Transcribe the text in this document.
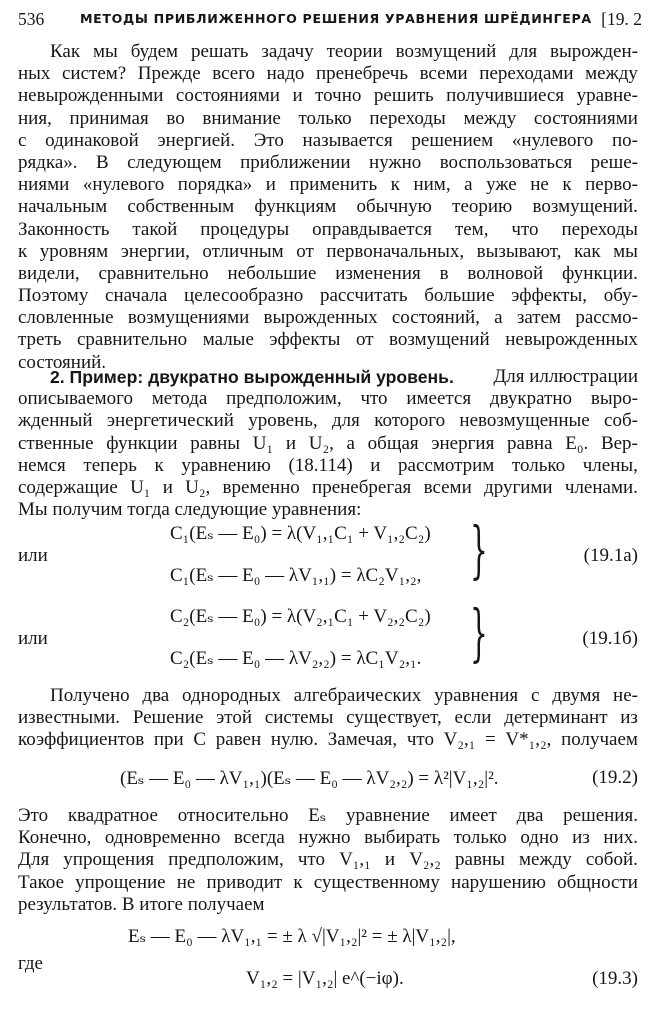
536	МЕТОДЫ ПРИБЛИЖЕННОГО РЕШЕНИЯ УРАВНЕНИЯ ШРЁДИНГЕРА [19. 2
Как мы будем решать задачу теории возмущений для вырожден-
ных систем? Прежде всего надо пренебречь всеми переходами между
невырожденными состояниями и точно решить получившиеся уравне-
ния, принимая во внимание только переходы между состояниями
с одинаковой энергией. Это называется решением «нулевого по-
рядка». В следующем приближении нужно воспользоваться реше-
ниями «нулевого порядка» и применить к ним, а уже не к перво-
начальным собственным функциям обычную теорию возмущений.
Законность такой процедуры оправдывается тем, что переходы
к уровням энергии, отличным от первоначальных, вызывают, как мы
видели, сравнительно небольшие изменения в волновой функции.
Поэтому сначала целесообразно рассчитать большие эффекты, обу-
словленные возмущениями вырожденных состояний, а затем рассмо-
треть сравнительно малые эффекты от возмущений невырожденных
состояний.
2. Пример: двукратно вырожденный уровень. Для иллюстрации
описываемого метода предположим, что имеется двукратно выро-
жденный энергетический уровень, для которого невозмущенные соб-
ственные функции равны U₁ и U₂, а общая энергия равна E₀. Вер-
немся теперь к уравнению (18.114) и рассмотрим только члены,
содержащие U₁ и U₂, временно пренебрегая всеми другими членами.
Мы получим тогда следующие уравнения:
C₁(Eₛ — E₀) = λ(V₁,₁C₁ + V₁,₂C₂)
C₁(Eₛ — E₀ — λV₁,₁) = λC₂V₁,₂, }
или	(19.1a)
C₂(Eₛ — E₀) = λ(V₂,₁C₁ + V₂,₂C₂)
C₂(Eₛ — E₀ — λV₂,₂) = λC₁V₂,₁. }
или	(19.1б)
Получено два однородных алгебраических уравнения с двумя не-
известными. Решение этой системы существует, если детерминант из
коэффициентов при C равен нулю. Замечая, что V₂,₁ = V*₁,₂, получаем
(Eₛ — E₀ — λV₁,₁)(Eₛ — E₀ — λV₂,₂) = λ²|V₁,₂|².	(19.2)
Это квадратное относительно Eₛ уравнение имеет два решения.
Конечно, одновременно всегда нужно выбирать только одно из них.
Для упрощения предположим, что V₁,₁ и V₂,₂ равны между собой.
Такое упрощение не приводит к существенному нарушению общности
результатов. В итоге получаем
Eₛ — E₀ — λV₁,₁ = ± λ √|V₁,₂|² = ± λ|V₁,₂|,
где
V₁,₂ = |V₁,₂| e^(−iφ).	(19.3)
